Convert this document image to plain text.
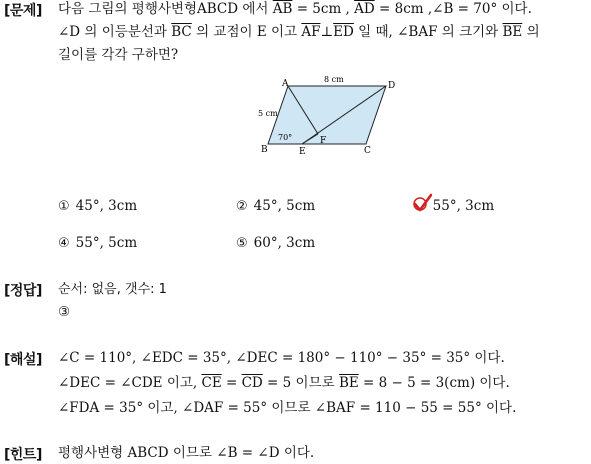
[문제] 다음 그림의 평행사변형ABCD 에서 $\overline{AB} = 5cm$ , $\overline{AD} = 8cm$ ,∠B = 70° 이다.
∠D 의 이등분선과 $\overline{BC}$ 의 교점이 E 이고 $\overline{AF}\perp\overline{ED}$ 일 때, ∠BAF 의 크기와 $\overline{BE}$ 의
길이를 각각 구하면?
A	D
B	E	C
F
8 cm
5 cm
70°
① 45°, 3cm	② 45°, 5cm	55°, 3cm
④ 55°, 5cm	⑤ 60°, 3cm
[정답] 순서: 없음, 갯수: 1
③
[해설] ∠C = 110°, ∠EDC = 35°, ∠DEC = 180° − 110° − 35° = 35° 이다.
∠DEC = ∠CDE 이고, $\overline{CE} = \overline{CD} = 5$ 이므로 $\overline{BE} = 8 - 5 = 3(cm)$ 이다.
∠FDA = 35° 이고, ∠DAF = 55° 이므로 ∠BAF = 110 − 55 = 55° 이다.
[힌트] 평행사변형 ABCD 이므로 ∠B = ∠D 이다.
